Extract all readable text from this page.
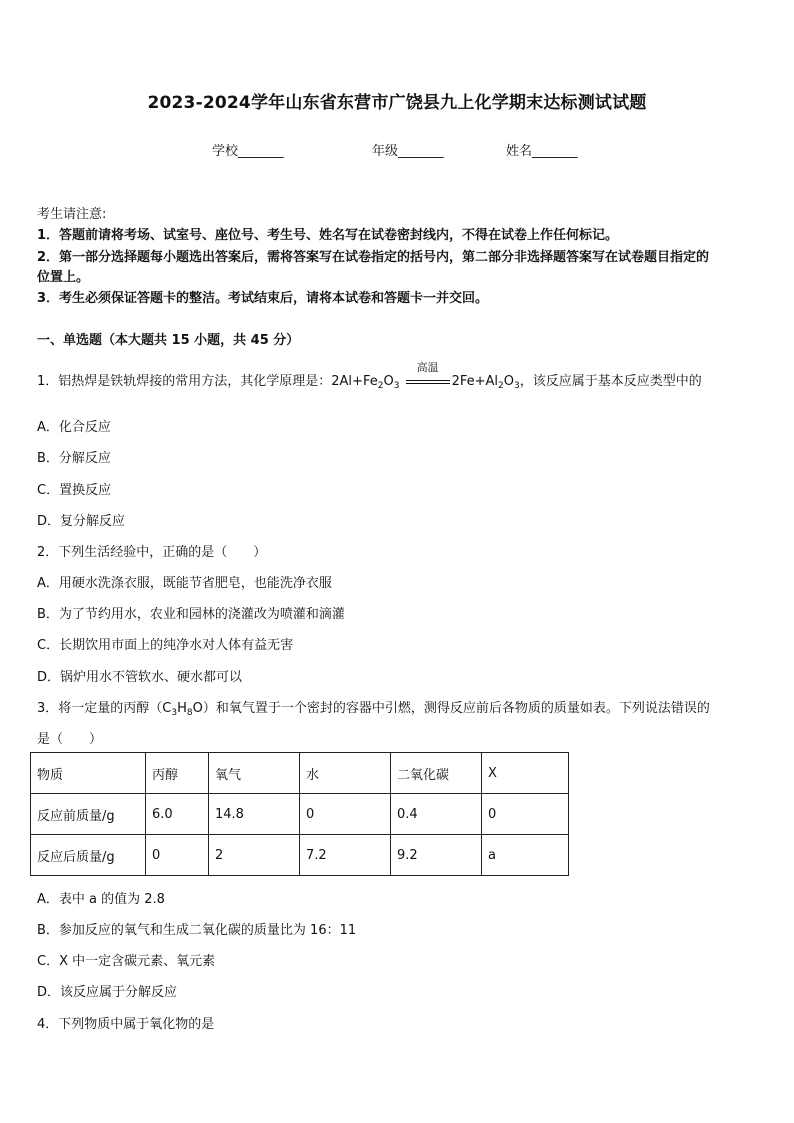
2023-2024学年山东省东营市广饶县九上化学期末达标测试试题
学校_______	年级_______	姓名_______
考生请注意:
1．答题前请将考场、试室号、座位号、考生号、姓名写在试卷密封线内，不得在试卷上作任何标记。
2．第一部分选择题每小题选出答案后，需将答案写在试卷指定的括号内，第二部分非选择题答案写在试卷题目指定的
位置上。
3．考生必须保证答题卡的整洁。考试结束后，请将本试卷和答题卡一并交回。
一、单选题（本大题共 15 小题，共 45 分）
1．铝热焊是铁轨焊接的常用方法，其化学原理是：$2Al+Fe_2O_3$
高温
$2Fe+Al_2O_3$，该反应属于基本反应类型中的
A．化合反应
B．分解反应
C．置换反应
D．复分解反应
2．下列生活经验中，正确的是（　　）
A．用硬水洗涤衣服，既能节省肥皂，也能洗净衣服
B．为了节约用水，农业和园林的浇灌改为喷灌和滴灌
C．长期饮用市面上的纯净水对人体有益无害
D．锅炉用水不管软水、硬水都可以
3．将一定量的丙醇$(C_3H_8O)$和氧气置于一个密封的容器中引燃，测得反应前后各物质的质量如表。下列说法错误的
是（　　）
物质	丙醇	氧气	水	二氧化碳	X
反应前质量/g	6.0	14.8	0	0.4	0
反应后质量/g	0	2	7.2	9.2	a
A．表中 a 的值为 2.8
B．参加反应的氧气和生成二氧化碳的质量比为 16：11
C．X 中一定含碳元素、氧元素
D．该反应属于分解反应
4．下列物质中属于氧化物的是
